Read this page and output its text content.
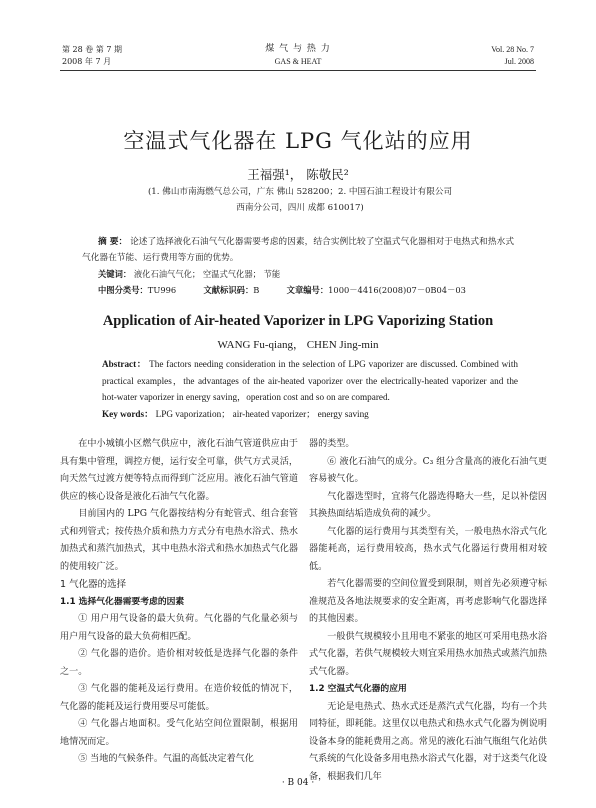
第 28 卷 第 7 期
2008 年 7 月
煤 气 与 热 力
GAS & HEAT
Vol. 28 No. 7
Jul. 2008
空温式气化器在 LPG 气化站的应用
王福强¹， 陈敬民²
(1. 佛山市南海燃气总公司，广东 佛山 528200；2. 中国石油工程设计有限公司
西南分公司，四川 成都 610017)
摘 要： 论述了选择液化石油气气化器需要考虑的因素，结合实例比较了空温式气化器相对于电热式和热水式气化器在节能、运行费用等方面的优势。
关键词： 液化石油气气化； 空温式气化器； 节能
中图分类号：TU996	文献标识码：B	文章编号：1000－4416(2008)07－0B04－03
Application of Air-heated Vaporizer in LPG Vaporizing Station
WANG Fu-qiang， CHEN Jing-min
Abstract： The factors needing consideration in the selection of LPG vaporizer are discussed. Combined with practical examples，the advantages of the air-heated vaporizer over the electrically-heated vaporizer and the hot-water vaporizer in energy saving，operation cost and so on are compared.
Key words： LPG vaporization； air-heated vaporizer； energy saving

在中小城镇小区燃气供应中，液化石油气管道供应由于具有集中管理，调控方便，运行安全可靠，供气方式灵活，向天然气过渡方便等特点而得到广泛应用。液化石油气管道供应的核心设备是液化石油气气化器。

目前国内的 LPG 气化器按结构分有蛇管式、组合套管式和列管式；按传热介质和热力方式分有电热水浴式、热水加热式和蒸汽加热式，其中电热水浴式和热水加热式气化器的使用较广泛。

1 气化器的选择

1.1 选择气化器需要考虑的因素

① 用户用气设备的最大负荷。气化器的气化量必须与用户用气设备的最大负荷相匹配。

② 气化器的造价。造价相对较低是选择气化器的条件之一。

③ 气化器的能耗及运行费用。在造价较低的情况下，气化器的能耗及运行费用要尽可能低。

④ 气化器占地面积。受气化站空间位置限制，根据用地情况而定。

⑤ 当地的气候条件。气温的高低决定着气化

器的类型。

⑥ 液化石油气的成分。C₃ 组分含量高的液化石油气更容易被气化。

气化器选型时，宜将气化器选得略大一些，足以补偿因其换热面结垢造成负荷的减少。

气化器的运行费用与其类型有关，一般电热水浴式气化器能耗高，运行费用较高，热水式气化器运行费用相对较低。

若气化器需要的空间位置受到限制，则首先必须遵守标准规范及各地法规要求的安全距离，再考虑影响气化器选择的其他因素。

一般供气规模较小且用电不紧张的地区可采用电热水浴式气化器，若供气规模较大则宜采用热水加热式或蒸汽加热式气化器。

1.2 空温式气化器的应用

无论是电热式、热水式还是蒸汽式气化器，均有一个共同特征，即耗能。这里仅以电热式和热水式气化器为例说明设备本身的能耗费用之高。常见的液化石油气瓶组气化站供气系统的气化设备多用电热水浴式气化器，对于这类气化设备，根据我们几年

· B 04 ·
